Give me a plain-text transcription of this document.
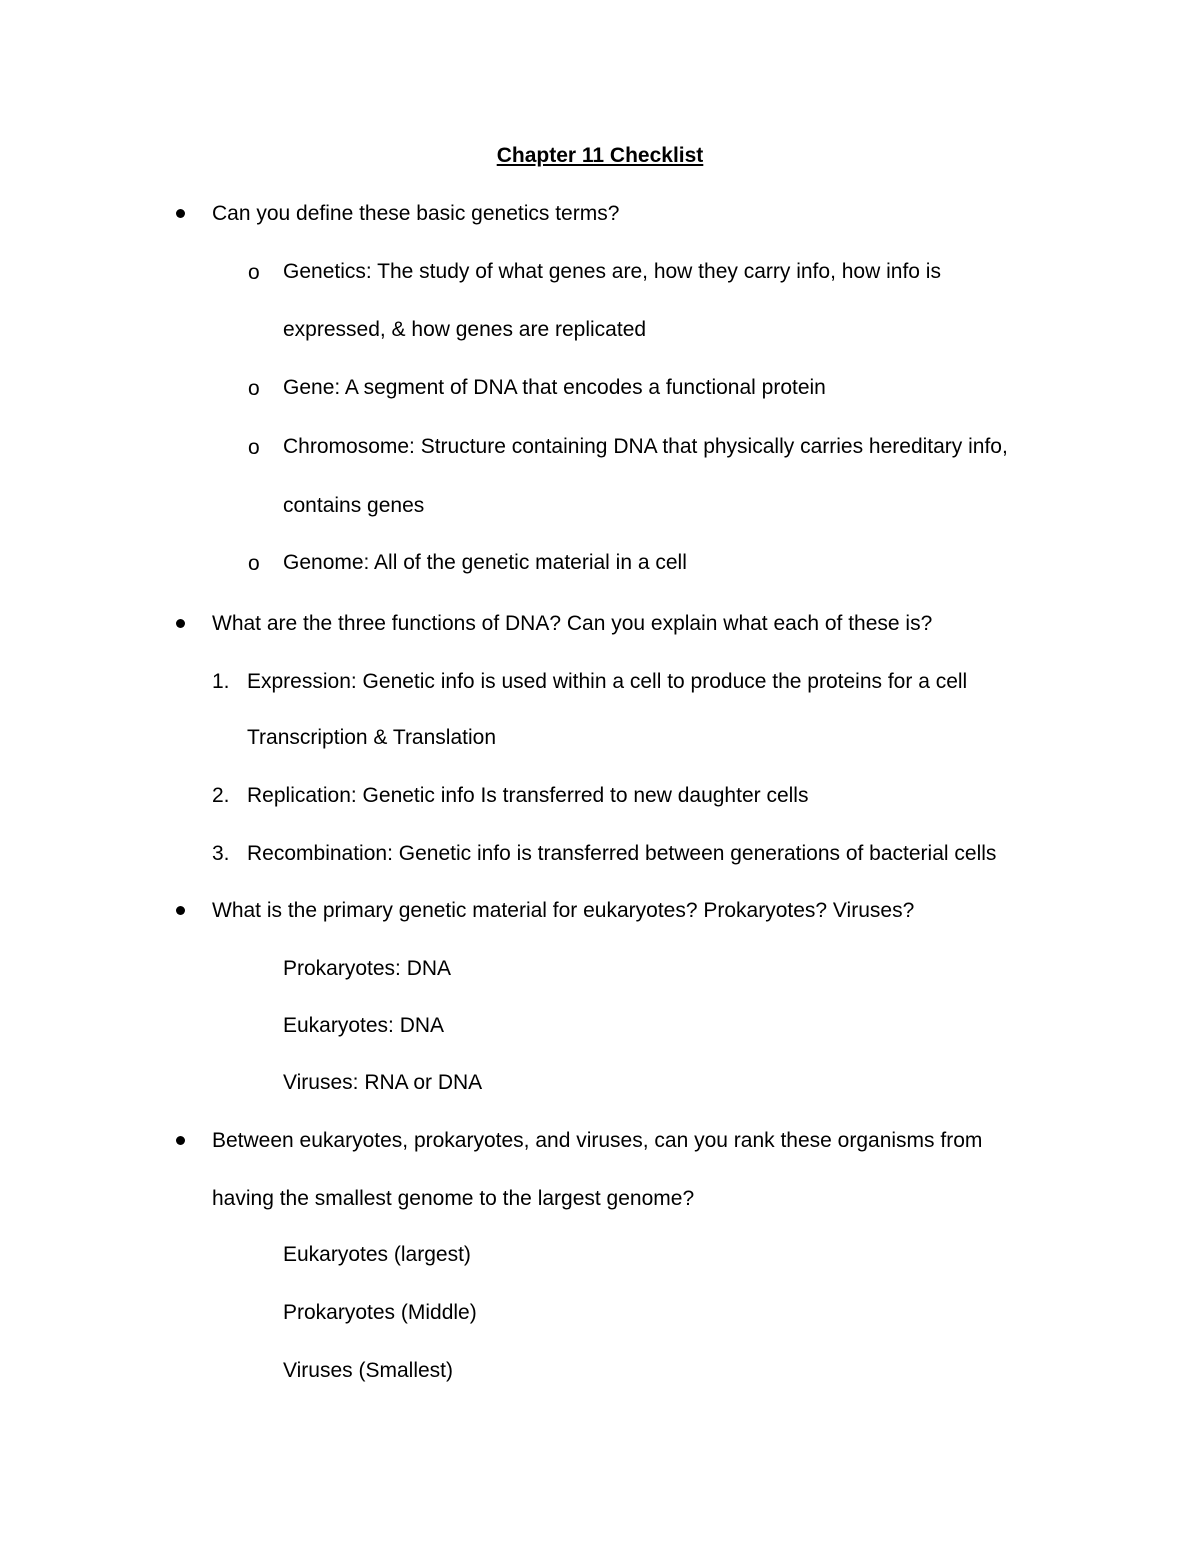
Chapter 11 Checklist
Can you define these basic genetics terms?
o Genetics: The study of what genes are, how they carry info, how info is
expressed, & how genes are replicated
o Gene: A segment of DNA that encodes a functional protein
o Chromosome: Structure containing DNA that physically carries hereditary info,
contains genes
o Genome: All of the genetic material in a cell
What are the three functions of DNA? Can you explain what each of these is?
1. Expression: Genetic info is used within a cell to produce the proteins for a cell
Transcription & Translation
2. Replication: Genetic info Is transferred to new daughter cells
3. Recombination: Genetic info is transferred between generations of bacterial cells
What is the primary genetic material for eukaryotes? Prokaryotes? Viruses?
Prokaryotes: DNA
Eukaryotes: DNA
Viruses: RNA or DNA
Between eukaryotes, prokaryotes, and viruses, can you rank these organisms from
having the smallest genome to the largest genome?
Eukaryotes (largest)
Prokaryotes (Middle)
Viruses (Smallest)
